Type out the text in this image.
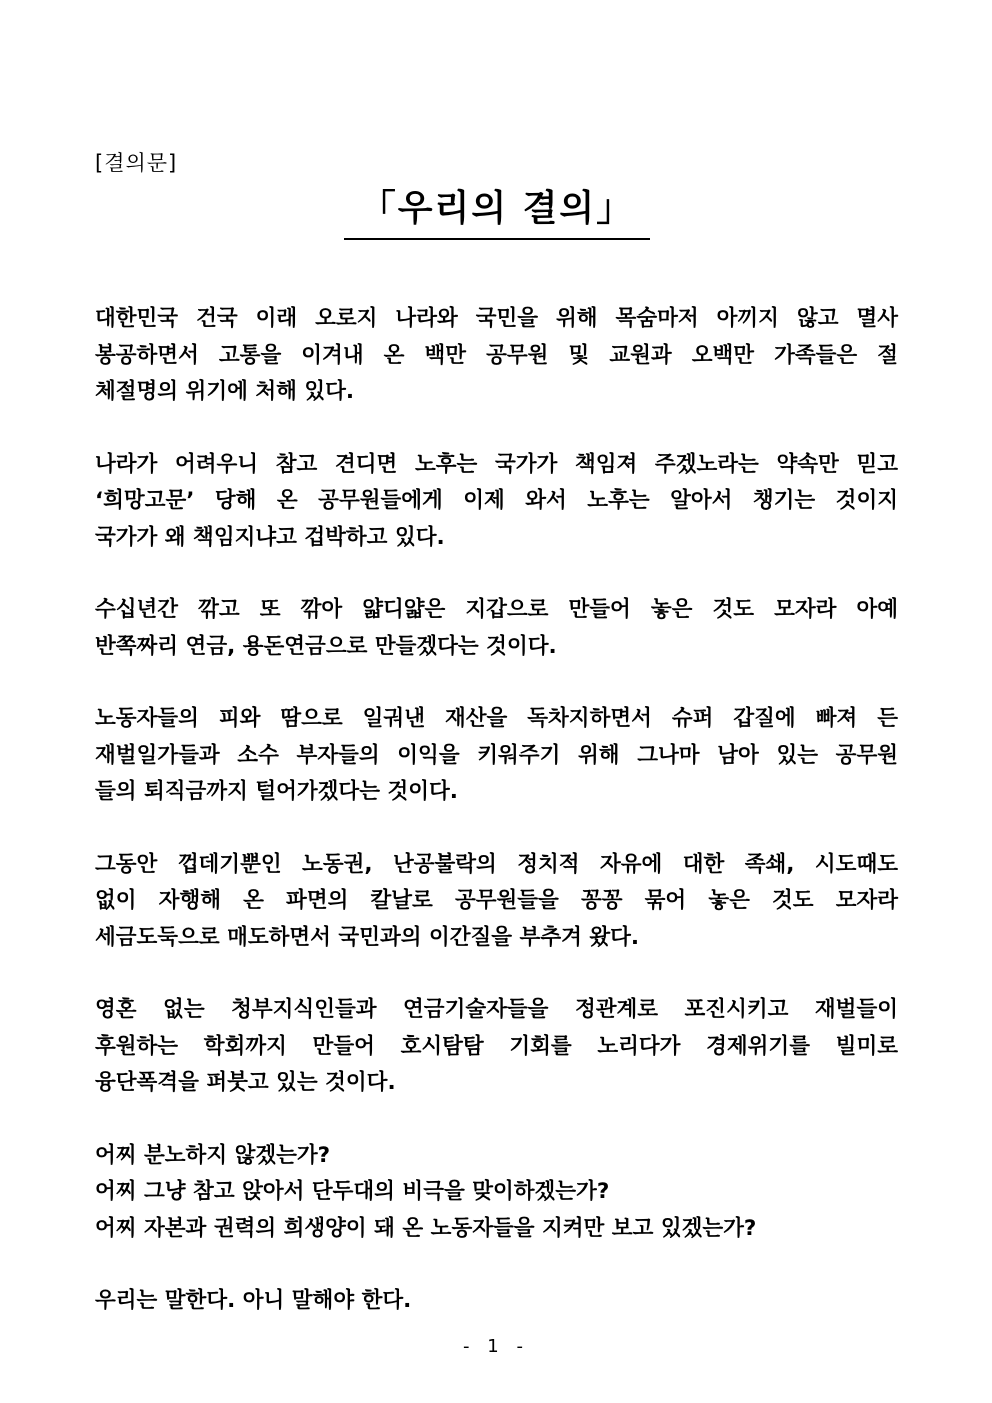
[결의문]
「우리의 결의」
대한민국 건국 이래 오로지 나라와 국민을 위해 목숨마저 아끼지 않고 멸사
봉공하면서 고통을 이겨내 온 백만 공무원 및 교원과 오백만 가족들은 절
체절명의 위기에 처해 있다.
나라가 어려우니 참고 견디면 노후는 국가가 책임져 주겠노라는 약속만 믿고
‘희망고문’ 당해 온 공무원들에게 이제 와서 노후는 알아서 챙기는 것이지
국가가 왜 책임지냐고 겁박하고 있다.
수십년간 깎고 또 깎아 얇디얇은 지갑으로 만들어 놓은 것도 모자라 아예
반쪽짜리 연금, 용돈연금으로 만들겠다는 것이다.
노동자들의 피와 땀으로 일궈낸 재산을 독차지하면서 슈퍼 갑질에 빠져 든
재벌일가들과 소수 부자들의 이익을 키워주기 위해 그나마 남아 있는 공무원
들의 퇴직금까지 털어가겠다는 것이다.
그동안 껍데기뿐인 노동권, 난공불락의 정치적 자유에 대한 족쇄, 시도때도
없이 자행해 온 파면의 칼날로 공무원들을 꽁꽁 묶어 놓은 것도 모자라
세금도둑으로 매도하면서 국민과의 이간질을 부추겨 왔다.
영혼 없는 청부지식인들과 연금기술자들을 정관계로 포진시키고 재벌들이
후원하는 학회까지 만들어 호시탐탐 기회를 노리다가 경제위기를 빌미로
융단폭격을 퍼붓고 있는 것이다.
어찌 분노하지 않겠는가?
어찌 그냥 참고 앉아서 단두대의 비극을 맞이하겠는가?
어찌 자본과 권력의 희생양이 돼 온 노동자들을 지켜만 보고 있겠는가?
우리는 말한다. 아니 말해야 한다.
- 1 -
